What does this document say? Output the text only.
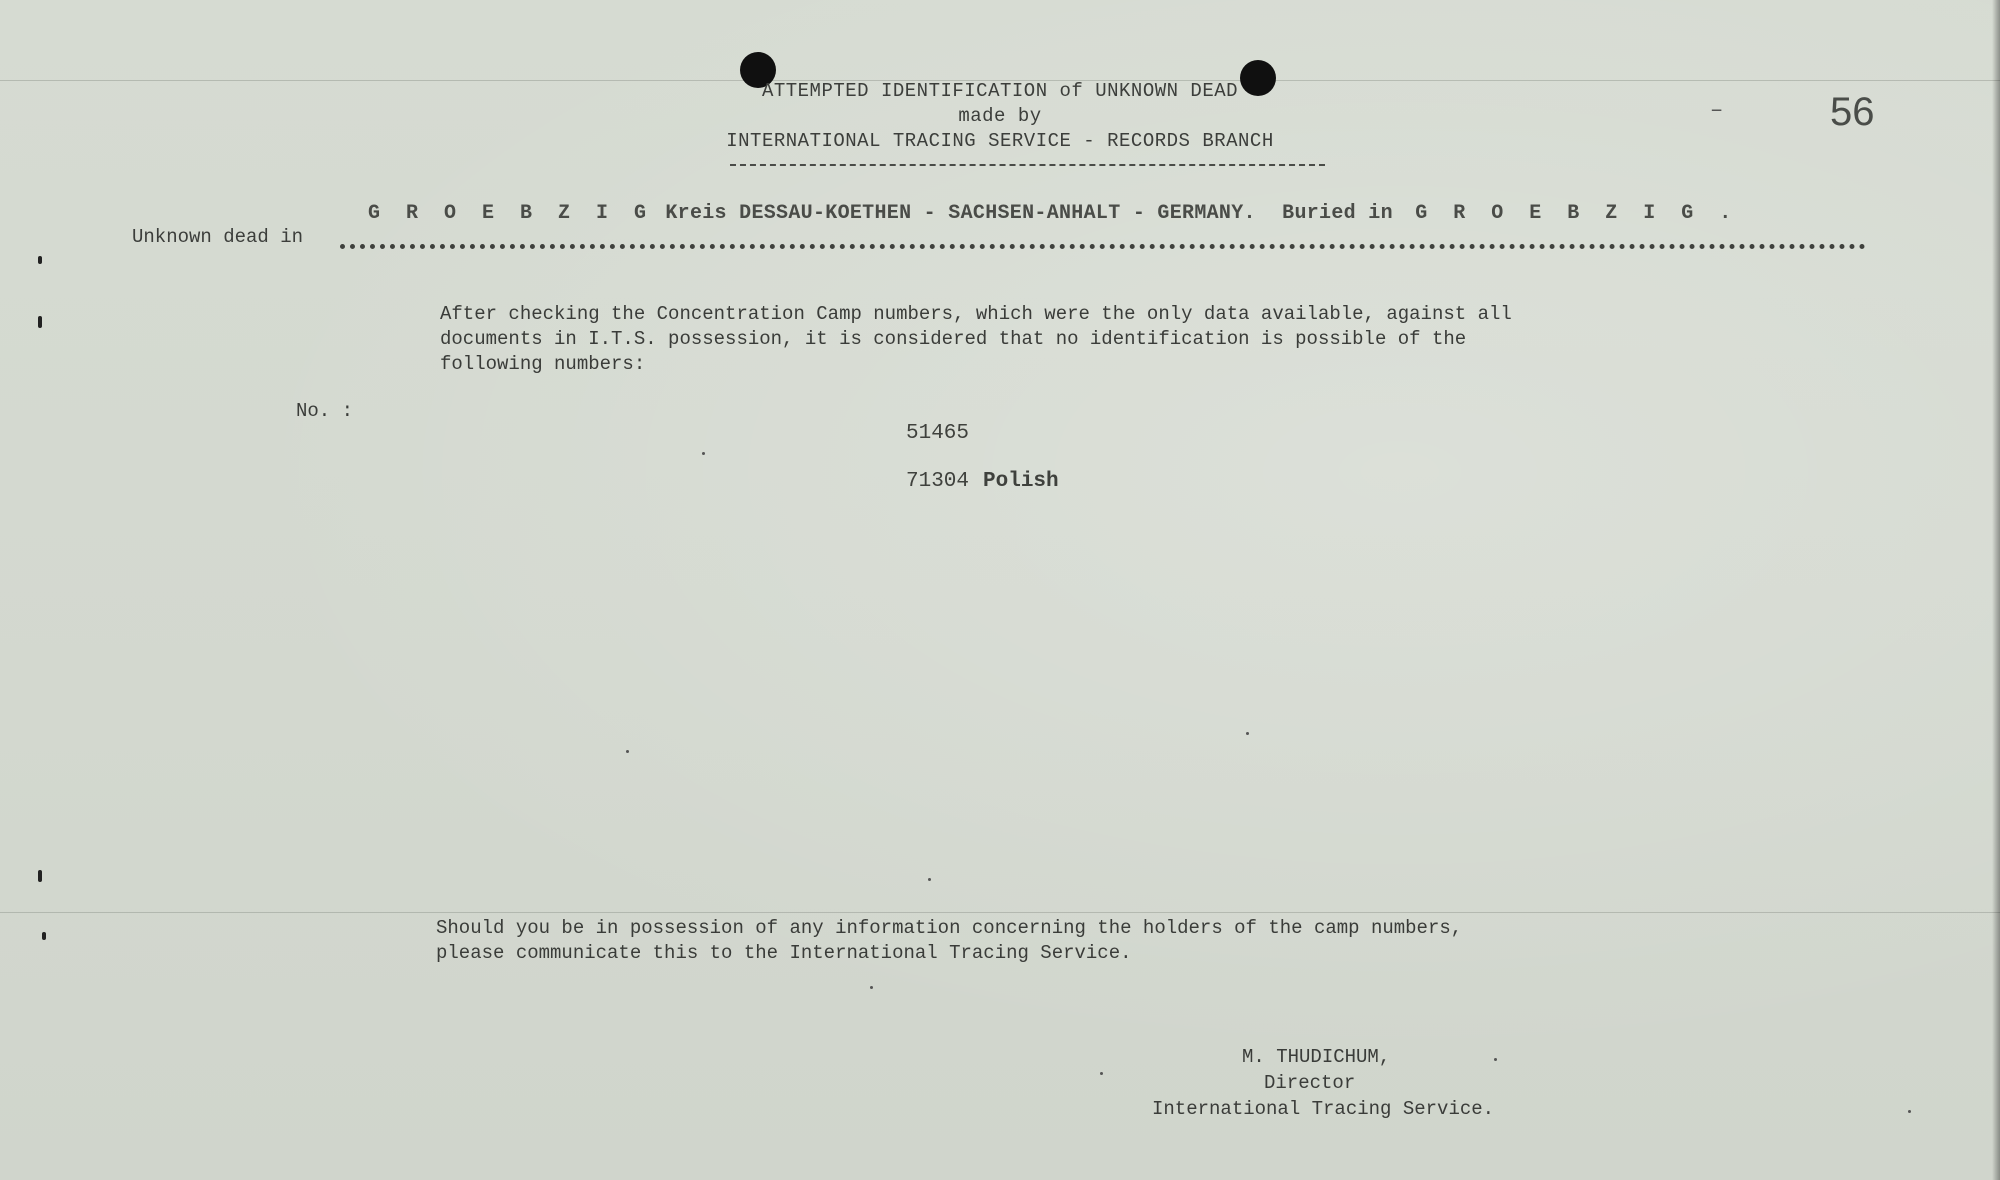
ATTEMPTED IDENTIFICATION of UNKNOWN DEAD
made by
INTERNATIONAL TRACING SERVICE - RECORDS BRANCH
–	56
G R O E B Z I G Kreis DESSAU-KOETHEN - SACHSEN-ANHALT - GERMANY. Buried in G R O E B Z I G .
Unknown dead in
After checking the Concentration Camp numbers, which were the only data available, against all
documents in I.T.S. possession, it is considered that no identification is possible of the
following numbers:
No. :
51465
71304 Polish
Should you be in possession of any information concerning the holders of the camp numbers,
please communicate this to the International Tracing Service.
M. THUDICHUM,
Director
International Tracing Service.
